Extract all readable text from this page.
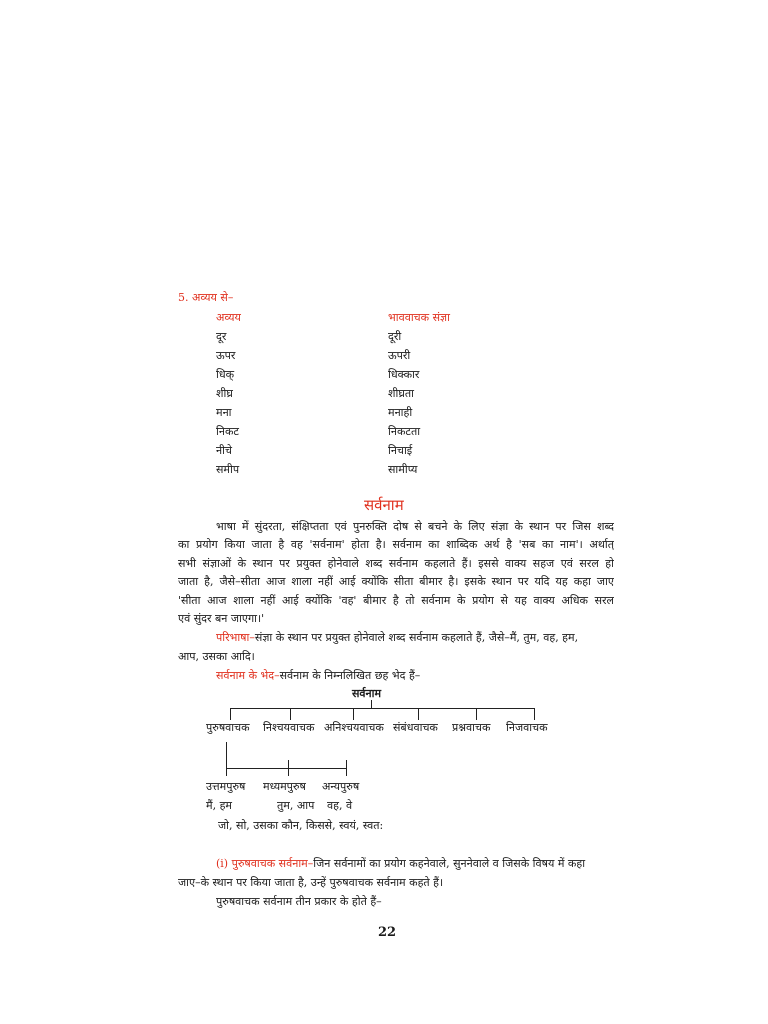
5. अव्यय से–
अव्यय	भाववाचक संज्ञा
दूर	दूरी
ऊपर	ऊपरी
धिक्	धिक्कार
शीघ्र	शीघ्रता
मना	मनाही
निकट	निकटता
नीचे	निचाई
समीप	सामीप्य
सर्वनाम
भाषा में सुंदरता, संक्षिप्तता एवं पुनरुक्ति दोष से बचने के लिए संज्ञा के स्थान पर जिस शब्द
का प्रयोग किया जाता है वह 'सर्वनाम' होता है। सर्वनाम का शाब्दिक अर्थ है 'सब का नाम'। अर्थात्
सभी संज्ञाओं के स्थान पर प्रयुक्त होनेवाले शब्द सर्वनाम कहलाते हैं। इससे वाक्य सहज एवं सरल हो
जाता है, जैसे–सीता आज शाला नहीं आई क्योंकि सीता बीमार है। इसके स्थान पर यदि यह कहा जाए
'सीता आज शाला नहीं आई क्योंकि 'वह' बीमार है तो सर्वनाम के प्रयोग से यह वाक्य अधिक सरल
एवं सुंदर बन जाएगा।'
परिभाषा–संज्ञा के स्थान पर प्रयुक्त होनेवाले शब्द सर्वनाम कहलाते हैं, जैसे–मैं, तुम, वह, हम,
आप, उसका आदि।
सर्वनाम के भेद–सर्वनाम के निम्नलिखित छह भेद हैं–
सर्वनाम
पुरुषवाचक निश्चयवाचक अनिश्चयवाचक संबंधवाचक प्रश्नवाचक निजवाचक
उत्तमपुरुष मध्यमपुरुष अन्यपुरुष
मैं, हम	तुम, आप वह, वे
जो, सो, उसका कौन, किससे, स्वयं, स्वत:
(i) पुरुषवाचक सर्वनाम–जिन सर्वनामों का प्रयोग कहनेवाले, सुननेवाले व जिसके विषय में कहा
जाए–के स्थान पर किया जाता है, उन्हें पुरुषवाचक सर्वनाम कहते हैं।
पुरुषवाचक सर्वनाम तीन प्रकार के होते हैं–
22
